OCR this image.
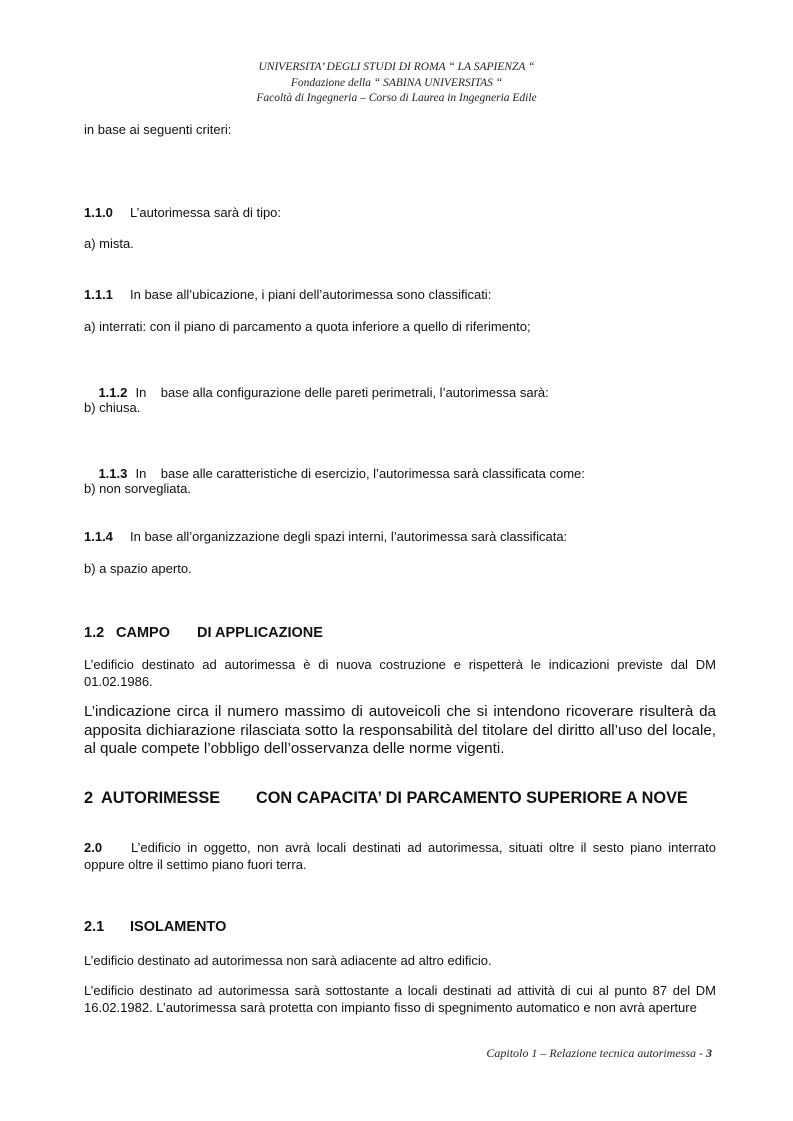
UNIVERSITA’ DEGLI STUDI DI ROMA “ LA SAPIENZA “
Fondazione della “ SABINA UNIVERSITAS “
Facoltà di Ingegneria – Corso di Laurea in Ingegneria Edile
in base ai seguenti criteri:
1.1.0 L’autorimessa sarà di tipo:
a) mista.
1.1.1 In base all’ubicazione, i piani dell’autorimessa sono classificati:
a) interrati: con il piano di parcamento a quota inferiore a quello di riferimento;

1.1.2 In    base alla configurazione delle pareti perimetrali, l’autorimessa sarà:

b) chiusa.

1.1.3 In    base alle caratteristiche di esercizio, l’autorimessa sarà classificata come:

b) non sorvegliata.
1.1.4 In base all’organizzazione degli spazi interni, l’autorimessa sarà classificata:
b) a spazio aperto.
1.2 CAMPO DI APPLICAZIONE
L’edificio destinato ad autorimessa è di nuova costruzione e rispetterà le indicazioni previste dal DM 01.02.1986.
L’indicazione circa il numero massimo di autoveicoli che si intendono ricoverare risulterà da apposita dichiarazione rilasciata sotto la responsabilità del titolare del diritto all’uso del locale, al quale compete l’obbligo dell’osservanza delle norme vigenti.
2 AUTORIMESSE CON CAPACITA’ DI PARCAMENTO SUPERIORE A NOVE
2.0 L’edificio in oggetto, non avrà locali destinati ad autorimessa, situati oltre il sesto piano interrato oppure oltre il settimo piano fuori terra.
2.1 ISOLAMENTO
L’edificio destinato ad autorimessa non sarà adiacente ad altro edificio.
L’edificio destinato ad autorimessa sarà sottostante a locali destinati ad attività di cui al punto 87 del DM 16.02.1982. L’autorimessa sarà protetta con impianto fisso di spegnimento automatico e non avrà aperture
Capitolo 1 – Relazione tecnica autorimessa - 3
